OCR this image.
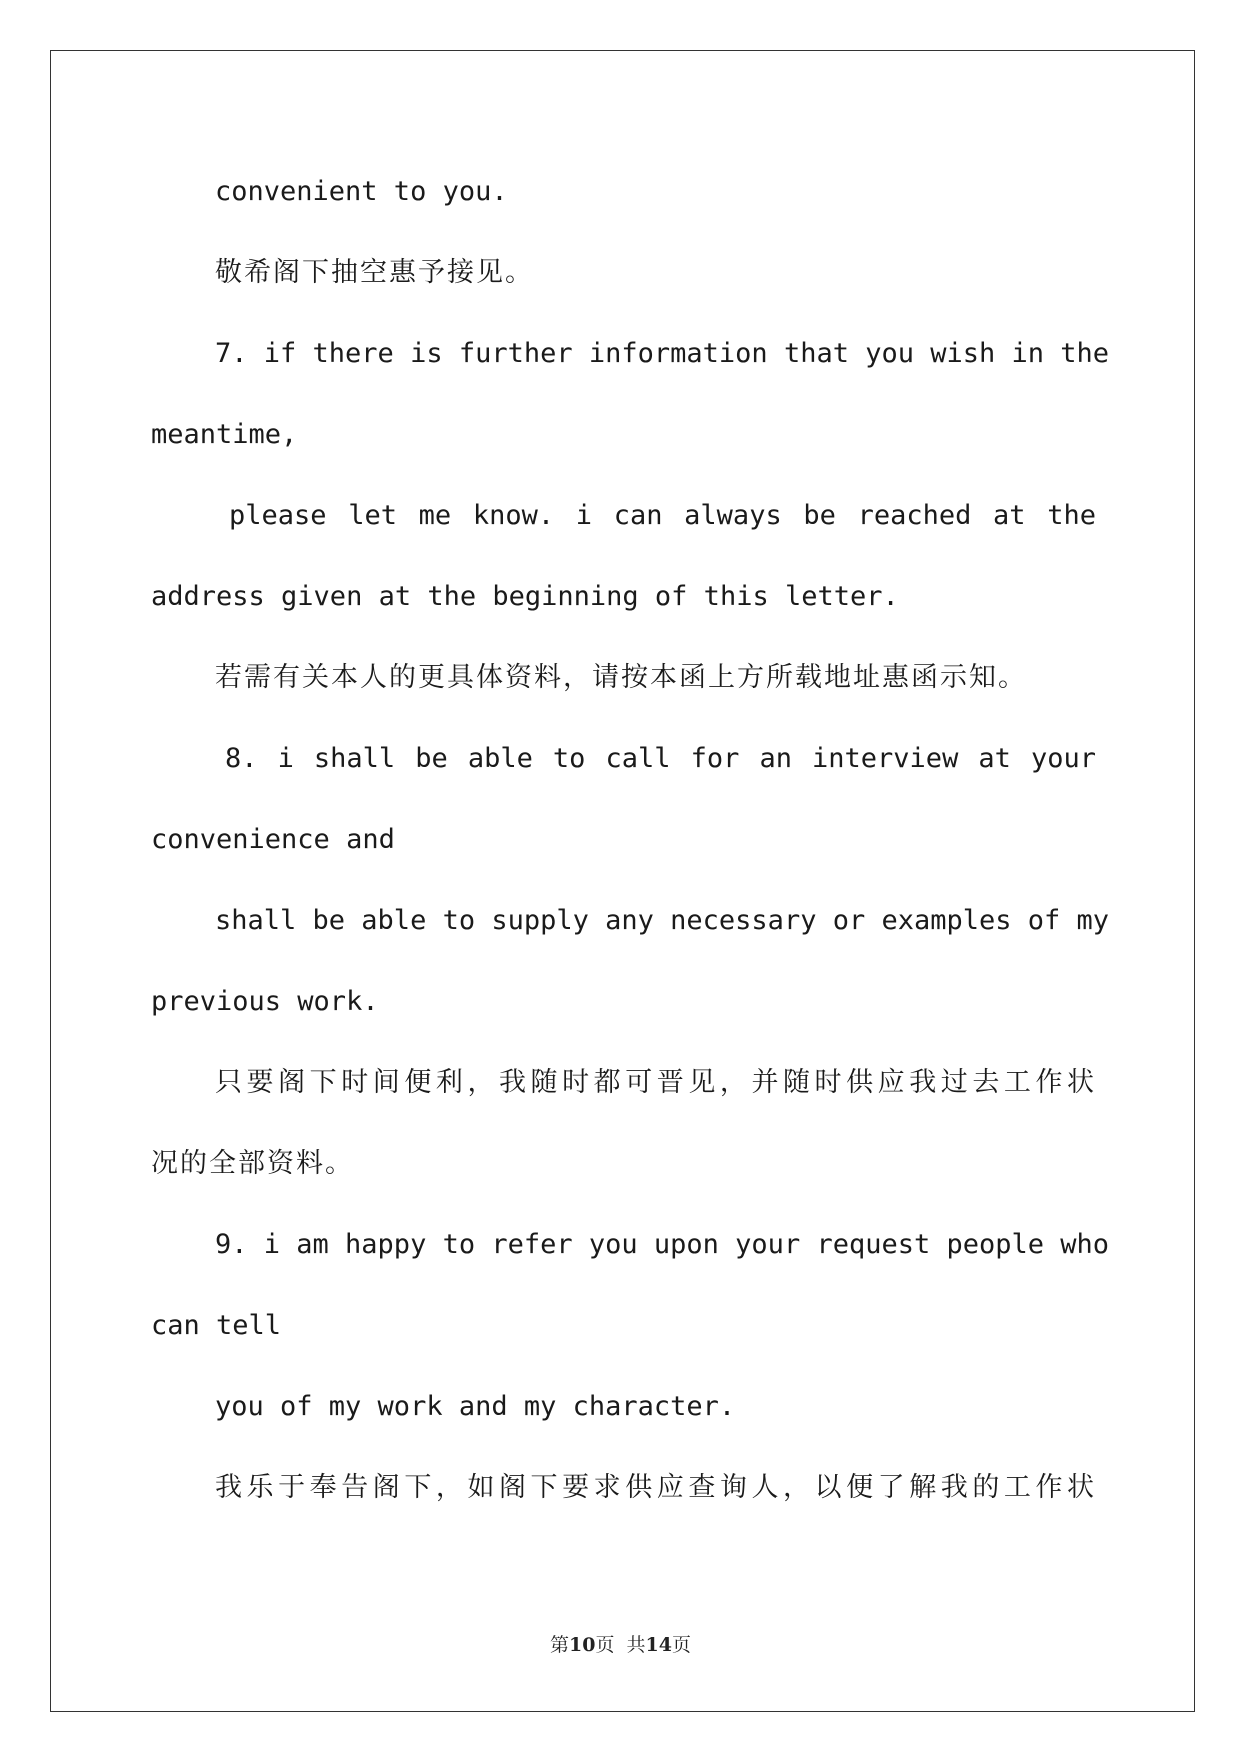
convenient to you.
敬希阁下抽空惠予接见。
7. if there is further information that you wish in the
meantime,
please let me know. i can always be reached at the
address given at the beginning of this letter.
若需有关本人的更具体资料，请按本函上方所载地址惠函示知。
8. i shall be able to call for an interview at your
convenience and
shall be able to supply any necessary or examples of my
previous work.
只要阁下时间便利，我随时都可晋见，并随时供应我过去工作状
况的全部资料。
9. i am happy to refer you upon your request people who
can tell
you of my work and my character.
我乐于奉告阁下，如阁下要求供应查询人，以便了解我的工作状
第10页  共14页
